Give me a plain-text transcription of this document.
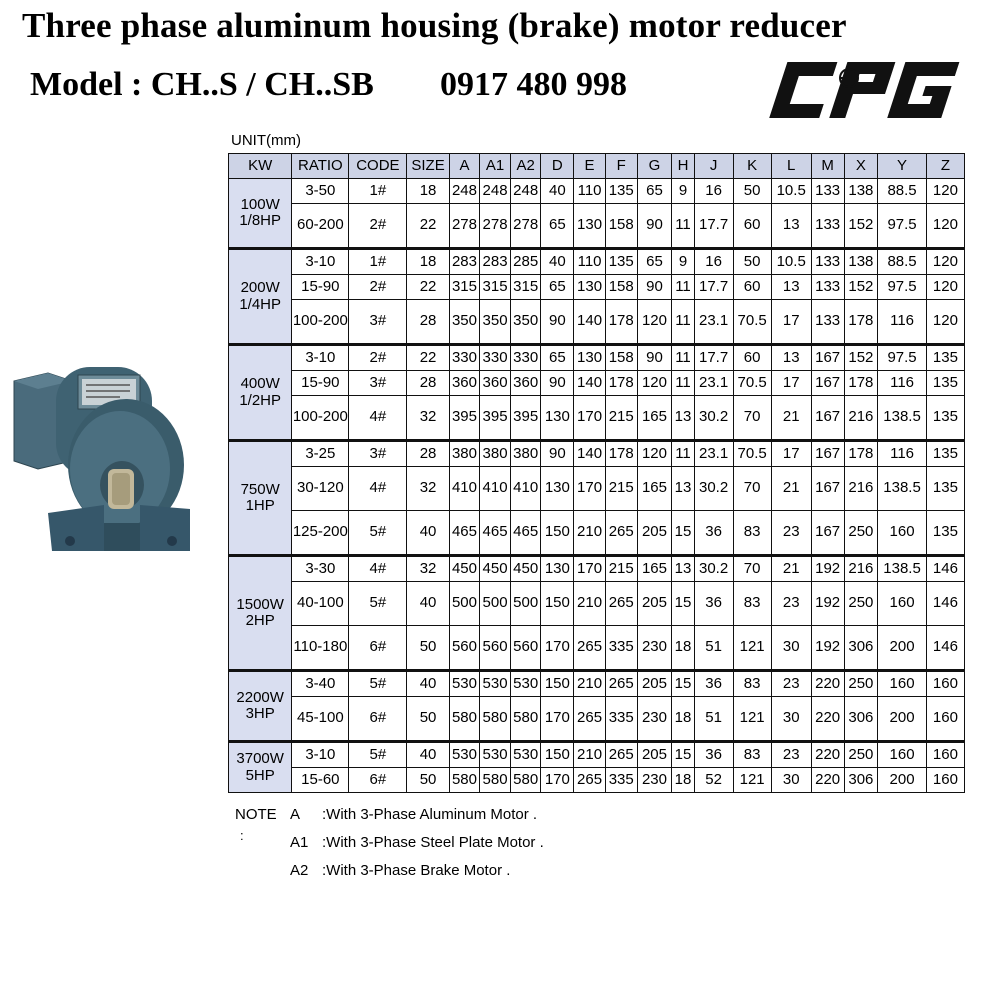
Three phase aluminum housing (brake) motor reducer
Model : CH..S / CH..SB 0917 480 998
UNIT(mm)
KW	RATIO	CODE	SIZE	A	A1	A2	D	E	F	G	H	J	K	L	M	X	Y	Z
100W 1/8HP	3-50	1#	18	248	248	248	40	110	135	65	9	16	50	10.5	133	138	88.5	120
	60-200	2#	22	278	278	278	65	130	158	90	11	17.7	60	13	133	152	97.5	120
200W 1/4HP	3-10	1#	18	283	283	285	40	110	135	65	9	16	50	10.5	133	138	88.5	120
	15-90	2#	22	315	315	315	65	130	158	90	11	17.7	60	13	133	152	97.5	120
	100-200	3#	28	350	350	350	90	140	178	120	11	23.1	70.5	17	133	178	116	120
400W 1/2HP	3-10	2#	22	330	330	330	65	130	158	90	11	17.7	60	13	167	152	97.5	135
	15-90	3#	28	360	360	360	90	140	178	120	11	23.1	70.5	17	167	178	116	135
	100-200	4#	32	395	395	395	130	170	215	165	13	30.2	70	21	167	216	138.5	135
750W 1HP	3-25	3#	28	380	380	380	90	140	178	120	11	23.1	70.5	17	167	178	116	135
	30-120	4#	32	410	410	410	130	170	215	165	13	30.2	70	21	167	216	138.5	135
	125-200	5#	40	465	465	465	150	210	265	205	15	36	83	23	167	250	160	135
1500W 2HP	3-30	4#	32	450	450	450	130	170	215	165	13	30.2	70	21	192	216	138.5	146
	40-100	5#	40	500	500	500	150	210	265	205	15	36	83	23	192	250	160	146
	110-180	6#	50	560	560	560	170	265	335	230	18	51	121	30	192	306	200	146
2200W 3HP	3-40	5#	40	530	530	530	150	210	265	205	15	36	83	23	220	250	160	160
	45-100	6#	50	580	580	580	170	265	335	230	18	51	121	30	220	306	200	160
3700W 5HP	3-10	5#	40	530	530	530	150	210	265	205	15	36	83	23	220	250	160	160
	15-60	6#	50	580	580	580	170	265	335	230	18	52	121	30	220	306	200	160
NOTE
:
A :With 3-Phase Aluminum Motor .
A1 :With 3-Phase Steel Plate Motor .
A2 :With 3-Phase Brake Motor .
